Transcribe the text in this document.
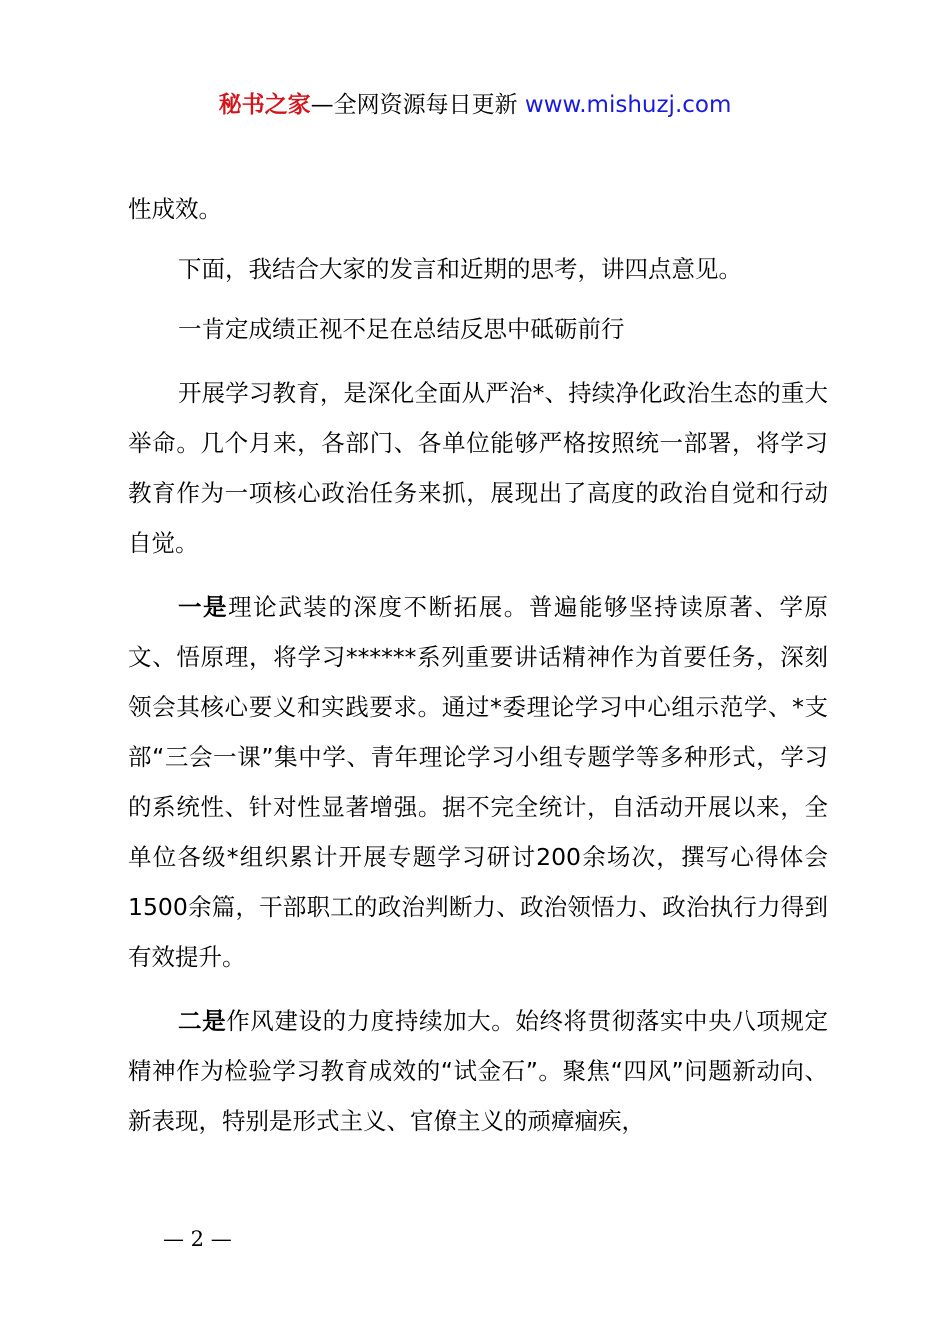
秘书之家—全网资源每日更新 www.mishuzj.com

性成效。

下面，我结合大家的发言和近期的思考，讲四点意见。

一肯定成绩正视不足在总结反思中砥砺前行

开展学习教育，是深化全面从严治*、持续净化政治生态的重大举命。几个月来，各部门、各单位能够严格按照统一部署，将学习教育作为一项核心政治任务来抓，展现出了高度的政治自觉和行动自觉。

一是理论武装的深度不断拓展。普遍能够坚持读原著、学原文、悟原理，将学习******系列重要讲话精神作为首要任务，深刻领会其核心要义和实践要求。通过*委理论学习中心组示范学、*支部“三会一课”集中学、青年理论学习小组专题学等多种形式，学习的系统性、针对性显著增强。据不完全统计，自活动开展以来，全单位各级*组织累计开展专题学习研讨200余场次，撰写心得体会1500余篇，干部职工的政治判断力、政治领悟力、政治执行力得到有效提升。

二是作风建设的力度持续加大。始终将贯彻落实中央八项规定精神作为检验学习教育成效的“试金石”。聚焦“四风”问题新动向、新表现，特别是形式主义、官僚主义的顽瘴痼疾，

— 2 —
